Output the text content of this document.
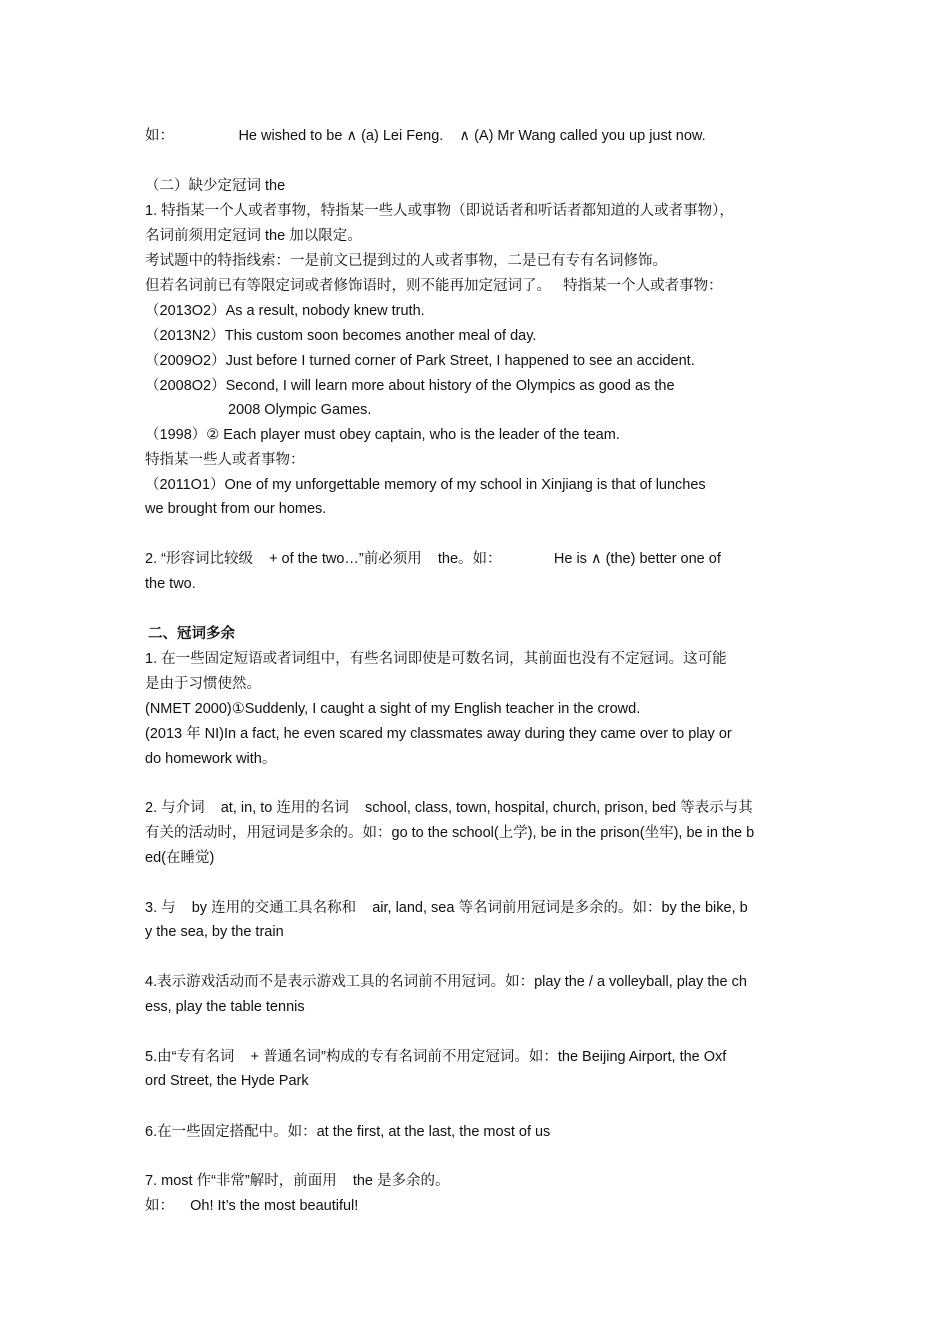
如：                He wished to be ∧ (a) Lei Feng.    ∧ (A) Mr Wang called you up just now.
（二）缺少定冠词 the
1. 特指某一个人或者事物，特指某一些人或事物（即说话者和听话者都知道的人或者事物），
名词前须用定冠词 the 加以限定。
考试题中的特指线索：一是前文已提到过的人或者事物，二是已有专有名词修饰。
但若名词前已有等限定词或者修饰语时，则不能再加定冠词了。   特指某一个人或者事物：
（2013O2）As a result, nobody knew truth.
（2013N2）This custom soon becomes another meal of day.
（2009O2）Just before I turned corner of Park Street, I happened to see an accident.
（2008O2）Second, I will learn more about history of the Olympics as good as the
2008 Olympic Games.
（1998）② Each player must obey captain, who is the leader of the team.
特指某一些人或者事物：
（2011O1）One of my unforgettable memory of my school in Xinjiang is that of lunches
we brought from our homes.
2. “形容词比较级    + of the two…”前必须用    the。如：             He is ∧ (the) better one of
the two.
二、冠词多余
1. 在一些固定短语或者词组中，有些名词即使是可数名词，其前面也没有不定冠词。这可能
是由于习惯使然。
(NMET 2000)①Suddenly, I caught a sight of my English teacher in the crowd.
(2013 年 NI)In a fact, he even scared my classmates away during they came over to play or
do homework with。
2. 与介词    at, in, to 连用的名词    school, class, town, hospital, church, prison, bed 等表示与其
有关的活动时，用冠词是多余的。如：go to the school(上学), be in the prison(坐牢), be in the b
ed(在睡觉)
3. 与    by 连用的交通工具名称和    air, land, sea 等名词前用冠词是多余的。如：by the bike, b
y the sea, by the train
4.表示游戏活动而不是表示游戏工具的名词前不用冠词。如：play the / a volleyball, play the ch
ess, play the table tennis
5.由“专有名词    + 普通名词”构成的专有名词前不用定冠词。如：the Beijing Airport, the Oxf
ord Street, the Hyde Park
6.在一些固定搭配中。如：at the first, at the last, the most of us
7. most 作“非常”解时，前面用    the 是多余的。
如：    Oh! It’s the most beautiful!
